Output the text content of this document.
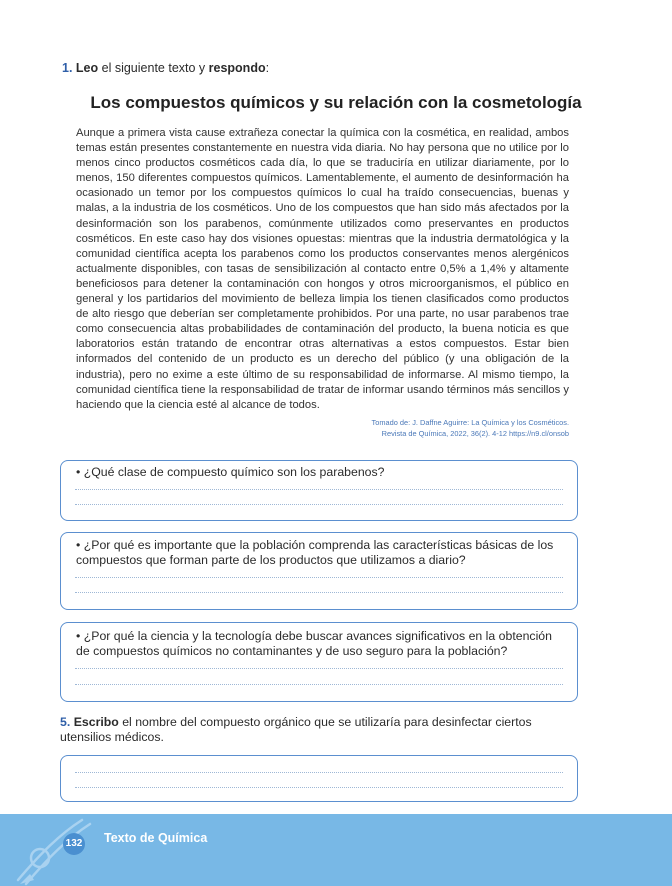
1. Leo el siguiente texto y respondo:
Los compuestos químicos y su relación con la cosmetología
Aunque a primera vista cause extrañeza conectar la química con la cosmética, en realidad, ambos temas están presentes constantemente en nuestra vida diaria. No hay persona que no utilice por lo menos cinco productos cosméticos cada día, lo que se traduciría en utilizar diariamente, por lo menos, 150 diferentes compuestos químicos. Lamentablemente, el aumento de desinformación ha ocasionado un temor por los compuestos químicos lo cual ha traído consecuencias, buenas y malas, a la industria de los cosméticos. Uno de los compuestos que han sido más afectados por la desinformación son los parabenos, comúnmente utilizados como preservantes en productos cosméticos. En este caso hay dos visiones opuestas: mientras que la industria dermatológica y la comunidad científica acepta los parabenos como los productos conservantes menos alergénicos actualmente disponibles, con tasas de sensibilización al contacto entre 0,5% a 1,4% y altamente beneficiosos para detener la contaminación con hongos y otros microorganismos, el público en general y los partidarios del movimiento de belleza limpia los tienen clasificados como productos de alto riesgo que deberían ser completamente prohibidos. Por una parte, no usar parabenos trae como consecuencia altas probabilidades de contaminación del producto, la buena noticia es que laboratorios están tratando de encontrar otras alternativas a estos compuestos. Estar bien informados del contenido de un producto es un derecho del público (y una obligación de la industria), pero no exime a este último de su responsabilidad de informarse. Al mismo tiempo, la comunidad científica tiene la responsabilidad de tratar de informar usando términos más sencillos y haciendo que la ciencia esté al alcance de todos.
Tomado de: J. Daffne Aguirre: La Química y los Cosméticos.
Revista de Química, 2022, 36(2). 4-12 https://n9.cl/onsob
• ¿Qué clase de compuesto químico son los parabenos?
• ¿Por qué es importante que la población comprenda las características básicas de los compuestos que forman parte de los productos que utilizamos a diario?
• ¿Por qué la ciencia y la tecnología debe buscar avances significativos en la obtención de compuestos químicos no contaminantes y de uso seguro para la población?
5. Escribo el nombre del compuesto orgánico que se utilizaría para desinfectar ciertos utensilios médicos.
132 Texto de Química
